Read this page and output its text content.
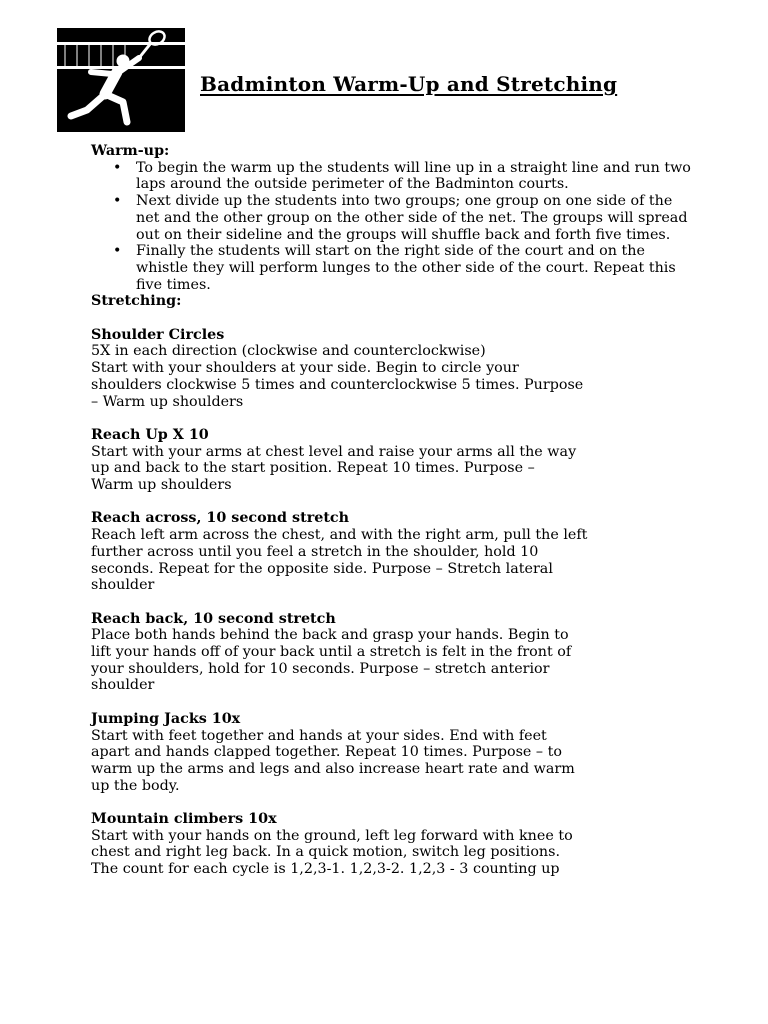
Badminton Warm-Up and Stretching

Warm-up:

• To begin the warm up the students will line up in a straight line and run two laps around the outside perimeter of the Badminton courts.
• Next divide up the students into two groups; one group on one side of the net and the other group on the other side of the net. The groups will spread out on their sideline and the groups will shuffle back and forth five times.
• Finally the students will start on the right side of the court and on the whistle they will perform lunges to the other side of the court. Repeat this five times.

Stretching:

Shoulder Circles

5X in each direction (clockwise and counterclockwise)

Start with your shoulders at your side. Begin to circle your

shoulders clockwise 5 times and counterclockwise 5 times. Purpose

– Warm up shoulders

Reach Up X 10

Start with your arms at chest level and raise your arms all the way

up and back to the start position. Repeat 10 times. Purpose –

Warm up shoulders

Reach across, 10 second stretch

Reach left arm across the chest, and with the right arm, pull the left

further across until you feel a stretch in the shoulder, hold 10

seconds. Repeat for the opposite side. Purpose – Stretch lateral

shoulder

Reach back, 10 second stretch

Place both hands behind the back and grasp your hands. Begin to

lift your hands off of your back until a stretch is felt in the front of

your shoulders, hold for 10 seconds. Purpose – stretch anterior

shoulder

Jumping Jacks 10x

Start with feet together and hands at your sides. End with feet

apart and hands clapped together. Repeat 10 times. Purpose – to

warm up the arms and legs and also increase heart rate and warm

up the body.

Mountain climbers 10x

Start with your hands on the ground, left leg forward with knee to

chest and right leg back. In a quick motion, switch leg positions.

The count for each cycle is 1,2,3-1. 1,2,3-2. 1,2,3 - 3 counting up
